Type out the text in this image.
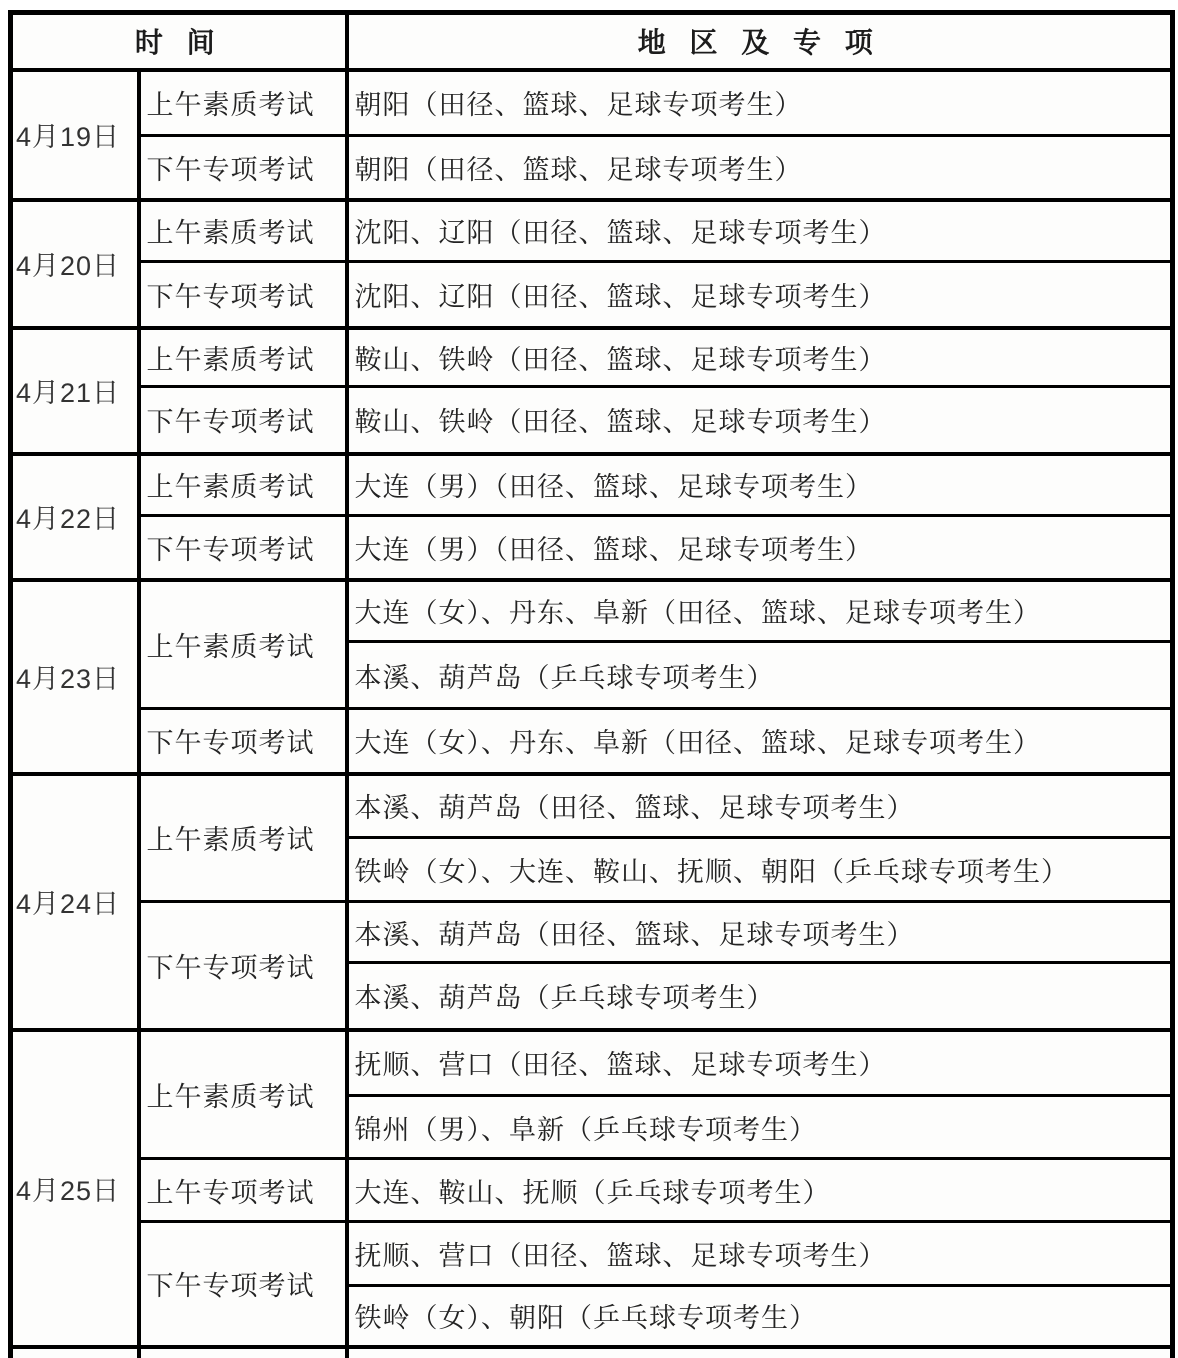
时 间		地 区 及 专 项
4月19日	上午素质考试	朝阳（田径、篮球、足球专项考生）
	下午专项考试	朝阳（田径、篮球、足球专项考生）
4月20日	上午素质考试	沈阳、辽阳（田径、篮球、足球专项考生）
	下午专项考试	沈阳、辽阳（田径、篮球、足球专项考生）
4月21日	上午素质考试	鞍山、铁岭（田径、篮球、足球专项考生）
	下午专项考试	鞍山、铁岭（田径、篮球、足球专项考生）
4月22日	上午素质考试	大连（男）（田径、篮球、足球专项考生）
	下午专项考试	大连（男）（田径、篮球、足球专项考生）
4月23日	上午素质考试	大连（女）、丹东、阜新（田径、篮球、足球专项考生）
		本溪、葫芦岛（乒乓球专项考生）
	下午专项考试	大连（女）、丹东、阜新（田径、篮球、足球专项考生）
4月24日	上午素质考试	本溪、葫芦岛（田径、篮球、足球专项考生）
		铁岭（女）、大连、鞍山、抚顺、朝阳（乒乓球专项考生）
	下午专项考试	本溪、葫芦岛（田径、篮球、足球专项考生）
		本溪、葫芦岛（乒乓球专项考生）
4月25日	上午素质考试	抚顺、营口（田径、篮球、足球专项考生）
		锦州（男）、阜新（乒乓球专项考生）
	上午专项考试	大连、鞍山、抚顺（乒乓球专项考生）
	下午专项考试	抚顺、营口（田径、篮球、足球专项考生）
		铁岭（女）、朝阳（乒乓球专项考生）
